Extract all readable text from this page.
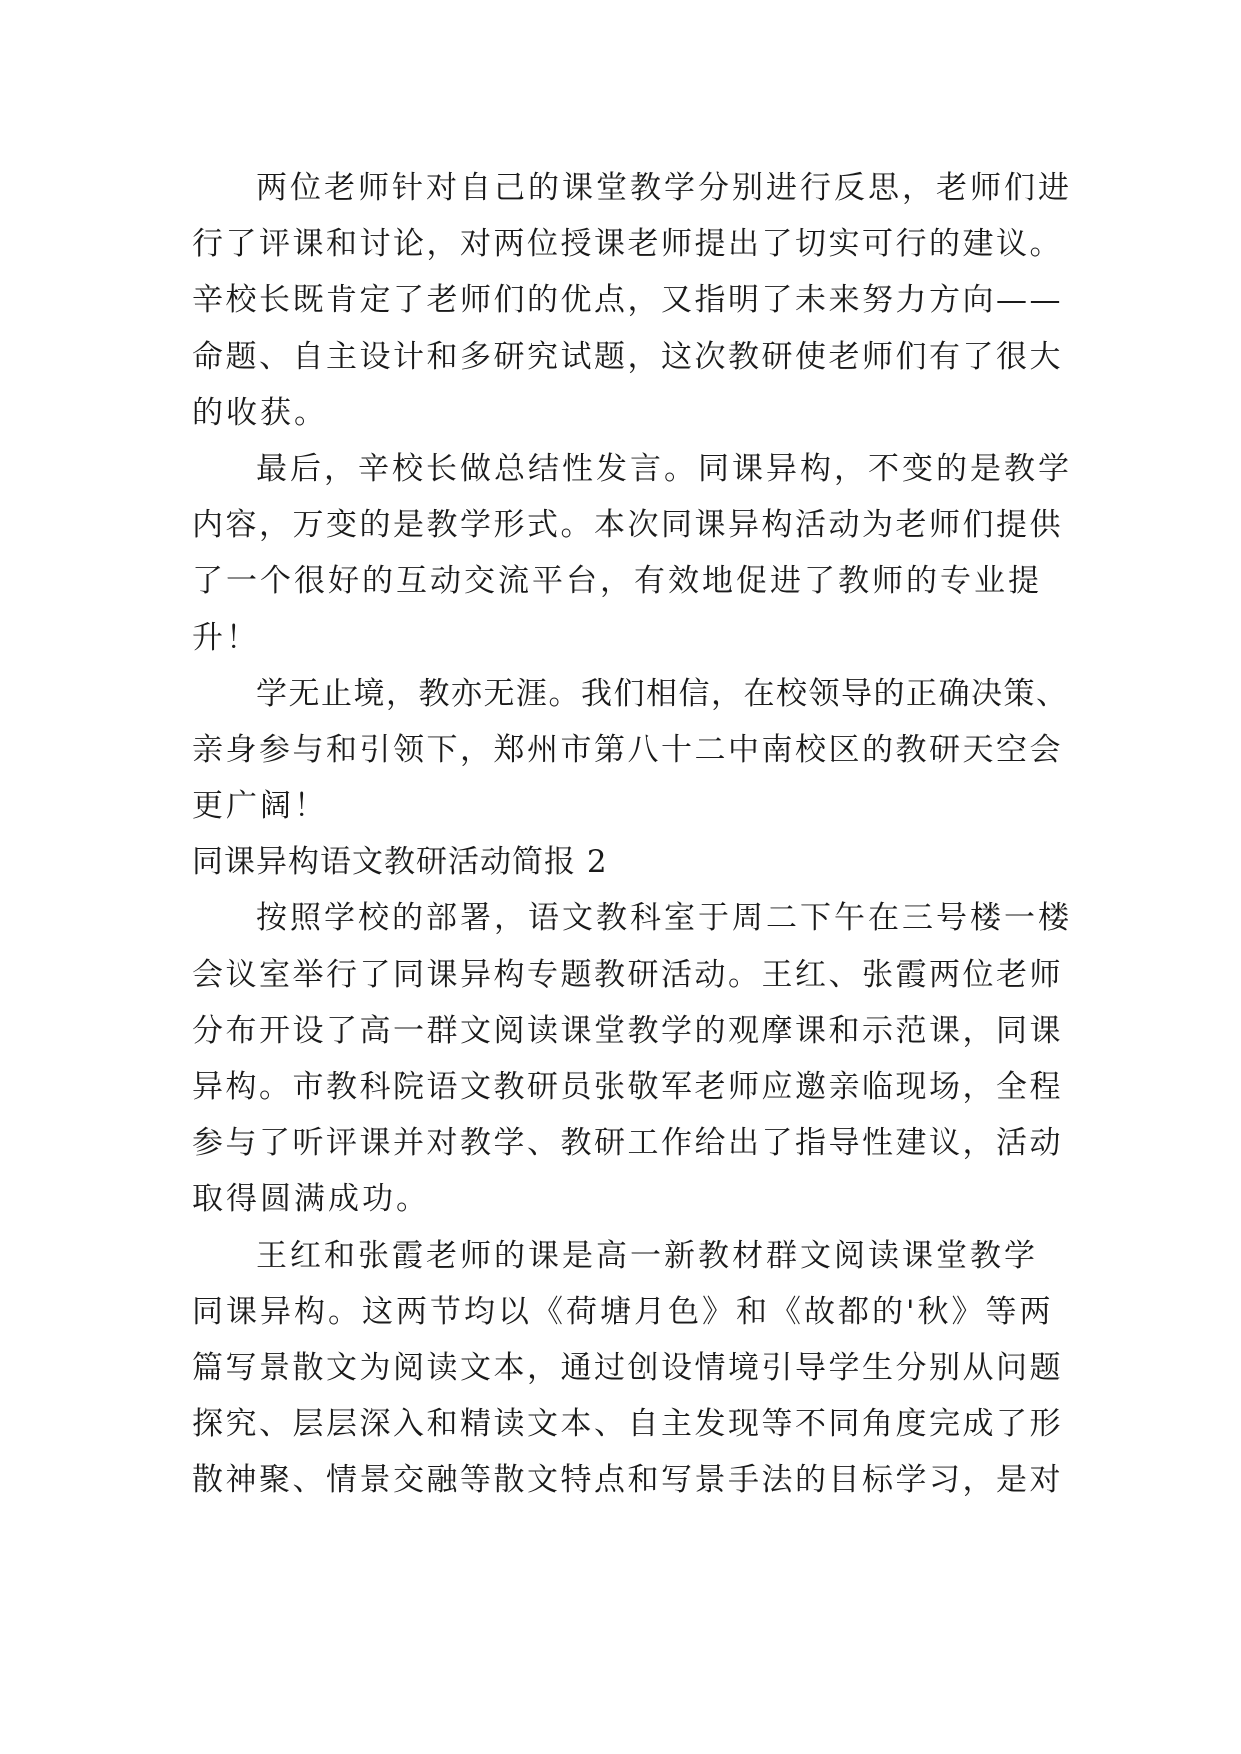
两位老师针对自己的课堂教学分别进行反思，老师们进
行了评课和讨论，对两位授课老师提出了切实可行的建议。
辛校长既肯定了老师们的优点，又指明了未来努力方向——
命题、自主设计和多研究试题，这次教研使老师们有了很大
的收获。
最后，辛校长做总结性发言。同课异构，不变的是教学
内容，万变的是教学形式。本次同课异构活动为老师们提供
了一个很好的互动交流平台，有效地促进了教师的专业提
升！
学无止境，教亦无涯。我们相信，在校领导的正确决策、
亲身参与和引领下，郑州市第八十二中南校区的教研天空会
更广阔！
同课异构语文教研活动简报 2
按照学校的部署，语文教科室于周二下午在三号楼一楼
会议室举行了同课异构专题教研活动。王红、张霞两位老师
分布开设了高一群文阅读课堂教学的观摩课和示范课，同课
异构。市教科院语文教研员张敬军老师应邀亲临现场，全程
参与了听评课并对教学、教研工作给出了指导性建议，活动
取得圆满成功。
王红和张霞老师的课是高一新教材群文阅读课堂教学
同课异构。这两节均以《荷塘月色》和《故都的'秋》等两
篇写景散文为阅读文本，通过创设情境引导学生分别从问题
探究、层层深入和精读文本、自主发现等不同角度完成了形
散神聚、情景交融等散文特点和写景手法的目标学习，是对
